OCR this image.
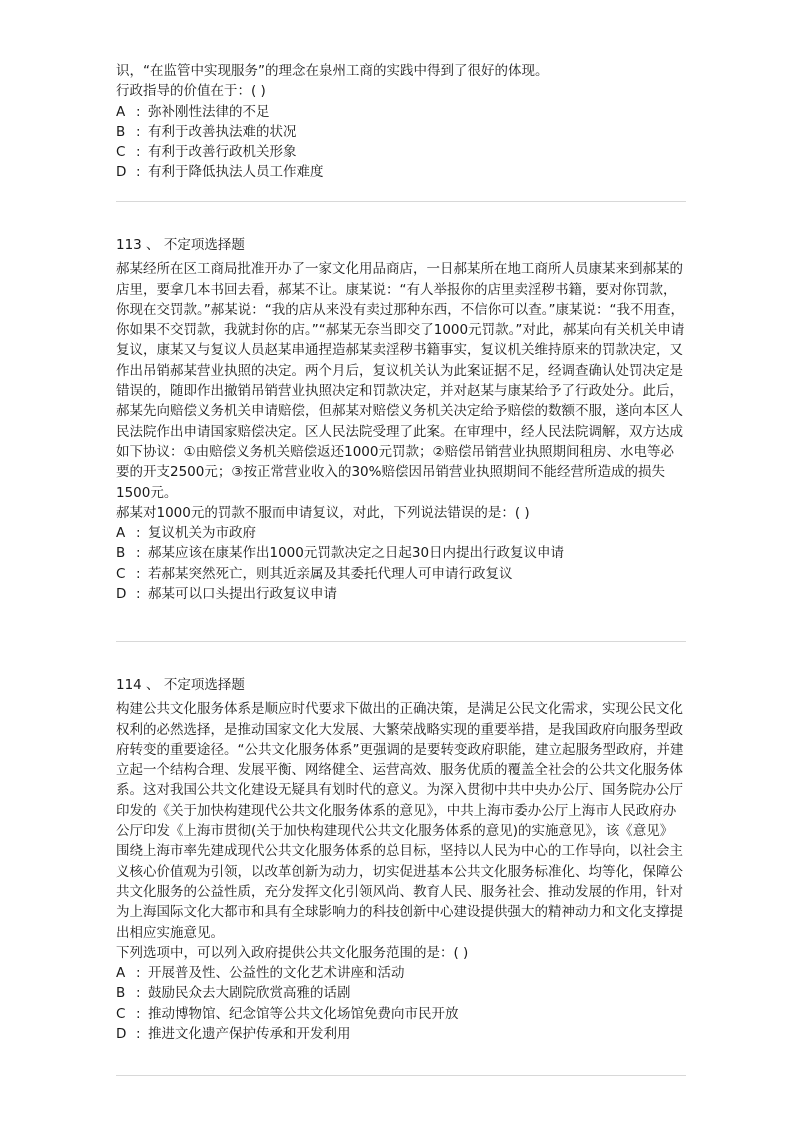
识，“在监管中实现服务”的理念在泉州工商的实践中得到了很好的体现。

行政指导的价值在于：( )

A : 弥补刚性法律的不足
B : 有利于改善执法难的状况
C : 有利于改善行政机关形象
D : 有利于降低执法人员工作难度

113 、 不定项选择题

郝某经所在区工商局批准开办了一家文化用品商店，一日郝某所在地工商所人员康某来到郝某的店里，要拿几本书回去看，郝某不让。康某说：“有人举报你的店里卖淫秽书籍，要对你罚款，你现在交罚款。”郝某说：“我的店从来没有卖过那种东西，不信你可以查。”康某说：“我不用查，你如果不交罚款，我就封你的店。”“郝某无奈当即交了1000元罚款。”对此，郝某向有关机关申请复议，康某又与复议人员赵某串通捏造郝某卖淫秽书籍事实，复议机关维持原来的罚款决定，又作出吊销郝某营业执照的决定。两个月后，复议机关认为此案证据不足，经调查确认处罚决定是错误的，随即作出撤销吊销营业执照决定和罚款决定，并对赵某与康某给予了行政处分。此后，郝某先向赔偿义务机关申请赔偿，但郝某对赔偿义务机关决定给予赔偿的数额不服，遂向本区人民法院作出申请国家赔偿决定。区人民法院受理了此案。在审理中，经人民法院调解，双方达成如下协议：①由赔偿义务机关赔偿返还1000元罚款；②赔偿吊销营业执照期间租房、水电等必要的开支2500元；③按正常营业收入的30%赔偿因吊销营业执照期间不能经营所造成的损失1500元。

郝某对1000元的罚款不服而申请复议，对此，下列说法错误的是：( )

A : 复议机关为市政府
B : 郝某应该在康某作出1000元罚款决定之日起30日内提出行政复议申请
C : 若郝某突然死亡，则其近亲属及其委托代理人可申请行政复议
D : 郝某可以口头提出行政复议申请

114 、 不定项选择题

构建公共文化服务体系是顺应时代要求下做出的正确决策，是满足公民文化需求，实现公民文化权利的必然选择，是推动国家文化大发展、大繁荣战略实现的重要举措，是我国政府向服务型政府转变的重要途径。“公共文化服务体系”更强调的是要转变政府职能，建立起服务型政府，并建立起一个结构合理、发展平衡、网络健全、运营高效、服务优质的覆盖全社会的公共文化服务体系。这对我国公共文化建设无疑具有划时代的意义。为深入贯彻中共中央办公厅、国务院办公厅印发的《关于加快构建现代公共文化服务体系的意见》，中共上海市委办公厅上海市人民政府办公厅印发《上海市贯彻(关于加快构建现代公共文化服务体系的意见)的实施意见》，该《意见》围绕上海市率先建成现代公共文化服务体系的总目标，坚持以人民为中心的工作导向，以社会主义核心价值观为引领，以改革创新为动力，切实促进基本公共文化服务标准化、均等化，保障公共文化服务的公益性质，充分发挥文化引领风尚、教育人民、服务社会、推动发展的作用，针对为上海国际文化大都市和具有全球影响力的科技创新中心建设提供强大的精神动力和文化支撑提出相应实施意见。

下列选项中，可以列入政府提供公共文化服务范围的是：( )

A : 开展普及性、公益性的文化艺术讲座和活动
B : 鼓励民众去大剧院欣赏高雅的话剧
C : 推动博物馆、纪念馆等公共文化场馆免费向市民开放
D : 推进文化遗产保护传承和开发利用
